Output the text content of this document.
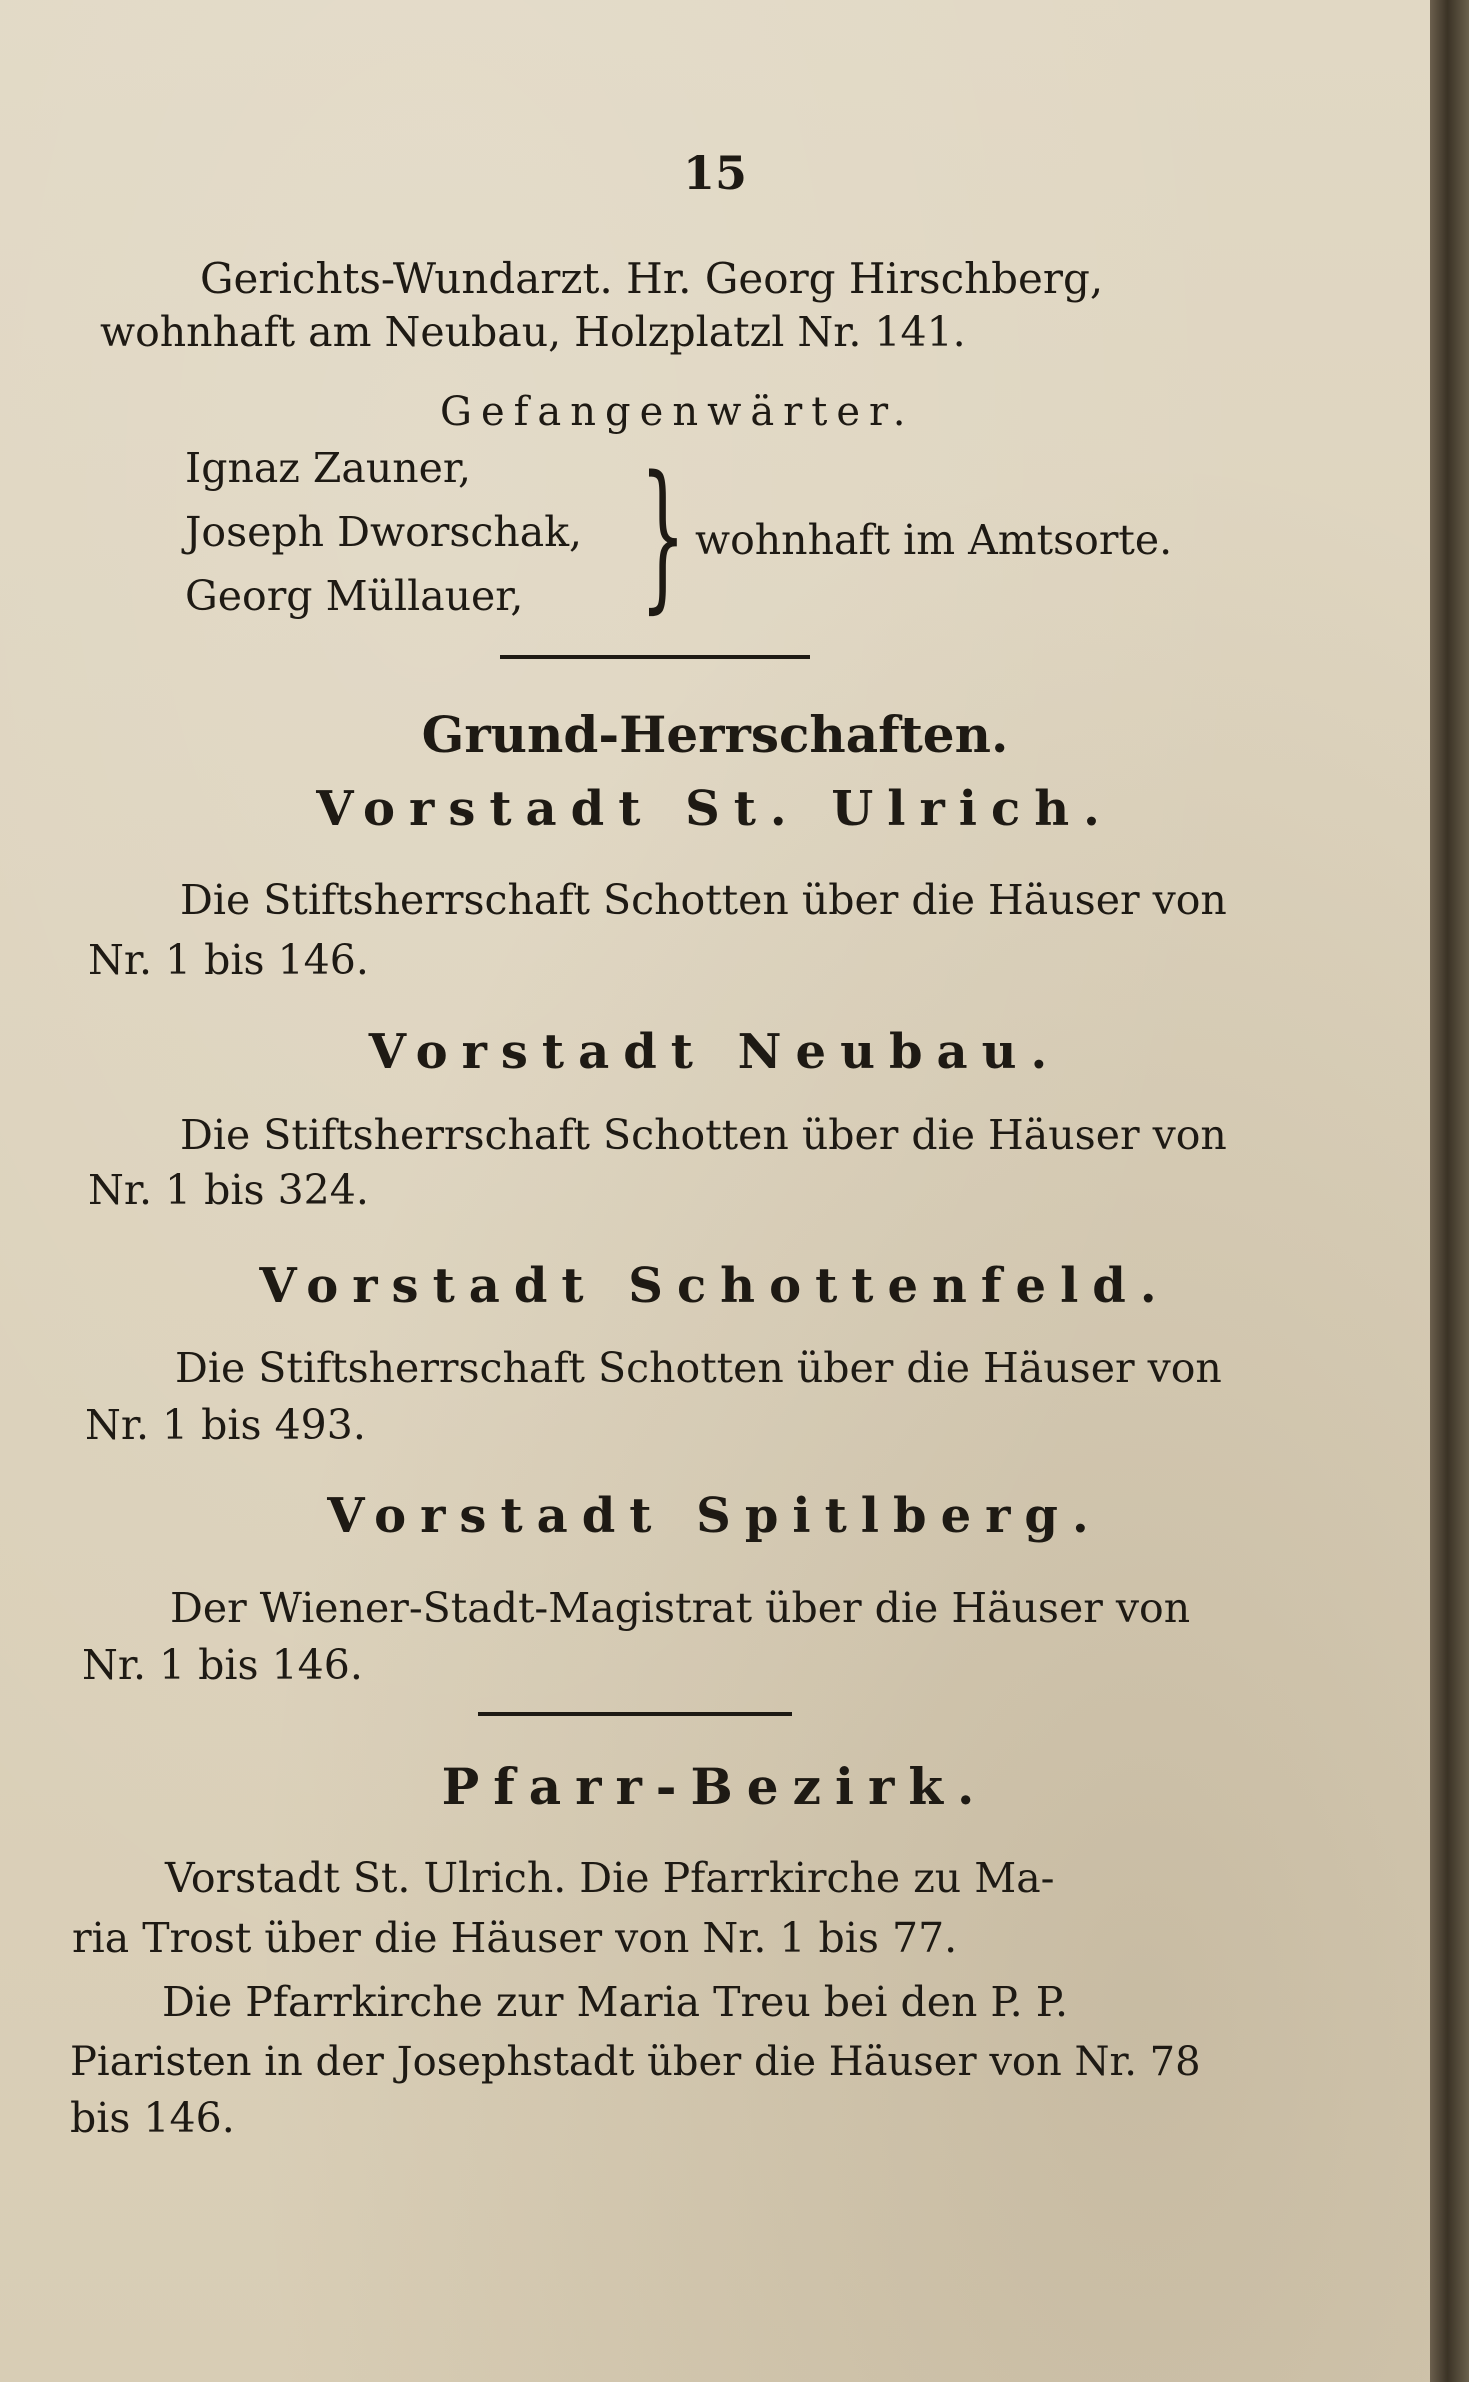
15
Gerichts-Wundarzt. Hr. Georg Hirschberg,
wohnhaft am Neubau, Holzplatzl Nr. 141.
Gefangenwärter.
Ignaz Zauner,
Joseph Dworschak,
Georg Müllauer, } wohnhaft im Amtsorte.
Grund-Herrschaften.
Vorstadt St. Ulrich.
Die Stiftsherrschaft Schotten über die Häuser von
Nr. 1 bis 146.
Vorstadt Neubau.
Die Stiftsherrschaft Schotten über die Häuser von
Nr. 1 bis 324.
Vorstadt Schottenfeld.
Die Stiftsherrschaft Schotten über die Häuser von
Nr. 1 bis 493.
Vorstadt Spitlberg.
Der Wiener-Stadt-Magistrat über die Häuser von
Nr. 1 bis 146.
Pfarr-Bezirk.
Vorstadt St. Ulrich. Die Pfarrkirche zu Ma-
ria Trost über die Häuser von Nr. 1 bis 77.
Die Pfarrkirche zur Maria Treu bei den P. P.
Piaristen in der Josephstadt über die Häuser von Nr. 78
bis 146.
